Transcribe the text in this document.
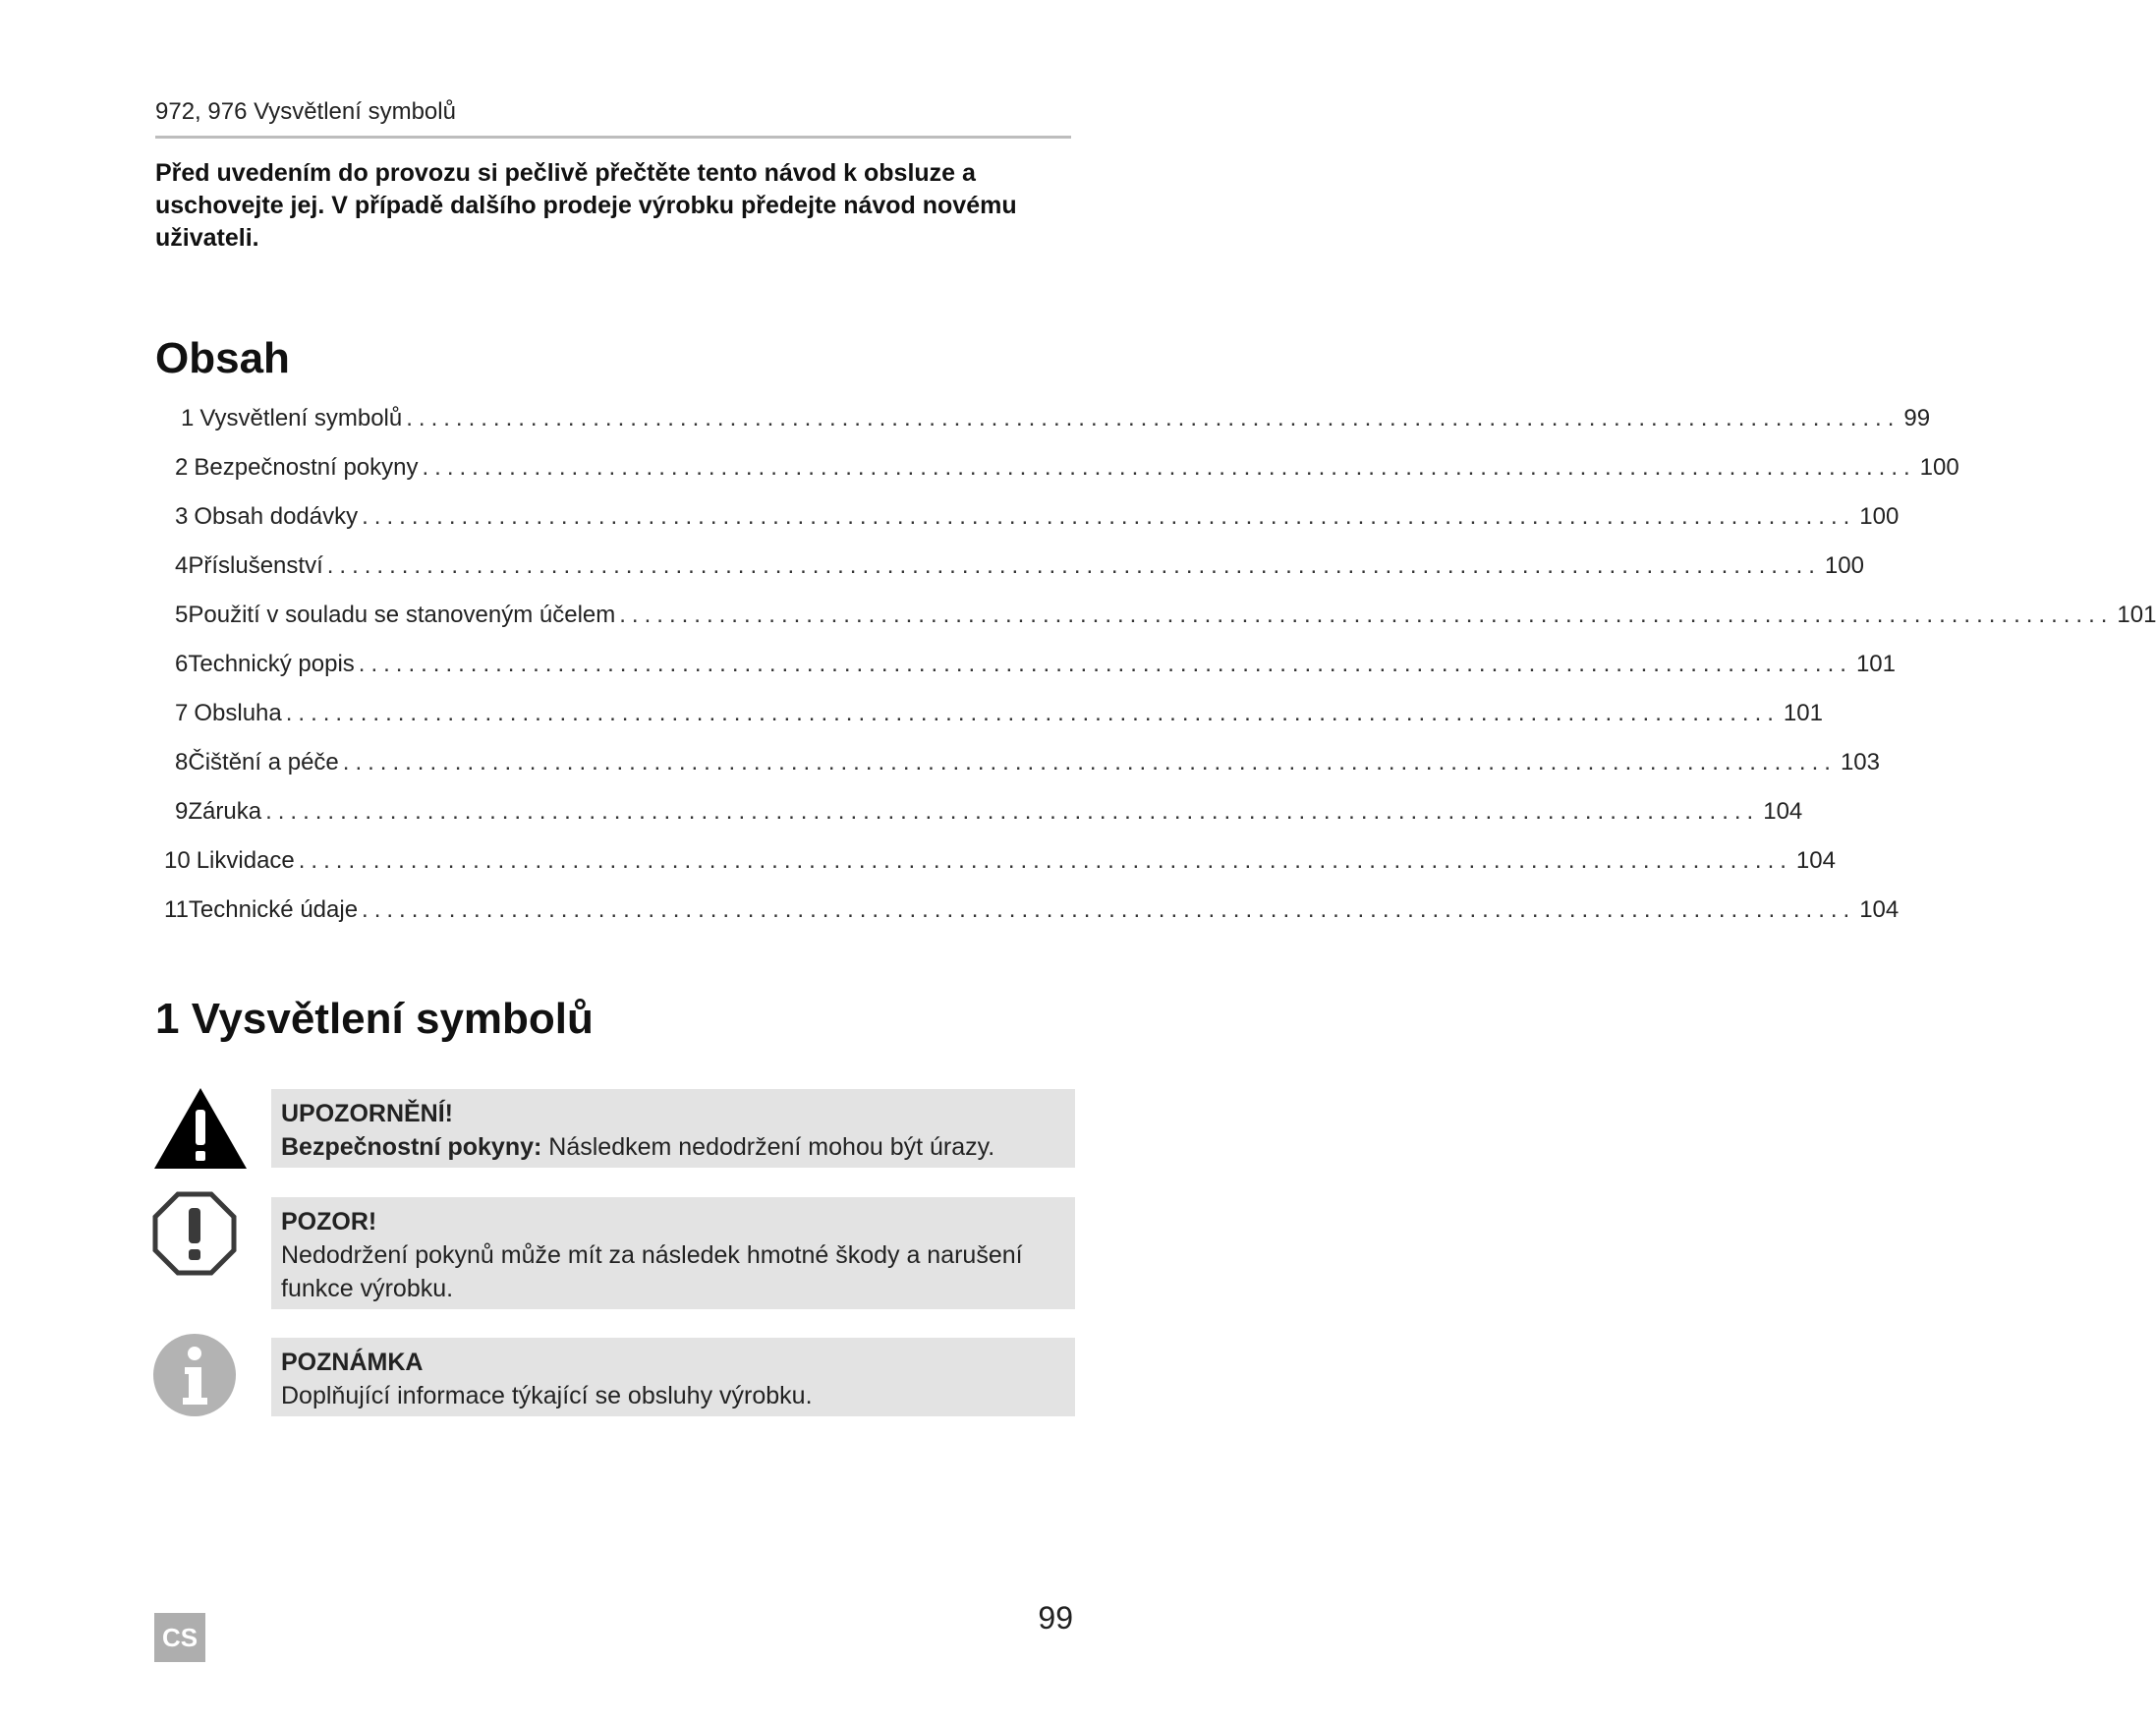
972, 976 Vysvětlení symbolů
Před uvedením do provozu si pečlivě přečtěte tento návod k obsluze a uschovejte jej. V případě dalšího prodeje výrobku předejte návod novému uživateli.
Obsah
1 Vysvětlení symbolů ........................................................................................................................ 99
2 Bezpečnostní pokyny ........................................................................................................................ 100
3 Obsah dodávky ........................................................................................................................ 100
4 Příslušenství ........................................................................................................................ 100
5 Použití v souladu se stanoveným účelem ........................................................................................................................ 101
6 Technický popis ........................................................................................................................ 101
7 Obsluha ........................................................................................................................ 101
8 Čištění a péče ........................................................................................................................ 103
9 Záruka ........................................................................................................................ 104
10 Likvidace ........................................................................................................................ 104
11 Technické údaje ........................................................................................................................ 104
1 Vysvětlení symbolů
UPOZORNĚNÍ!
Bezpečnostní pokyny: Následkem nedodržení mohou být úrazy.
POZOR!
Nedodržení pokynů může mít za následek hmotné škody a narušení funkce výrobku.
POZNÁMKA
Doplňující informace týkající se obsluhy výrobku.
CS
99
